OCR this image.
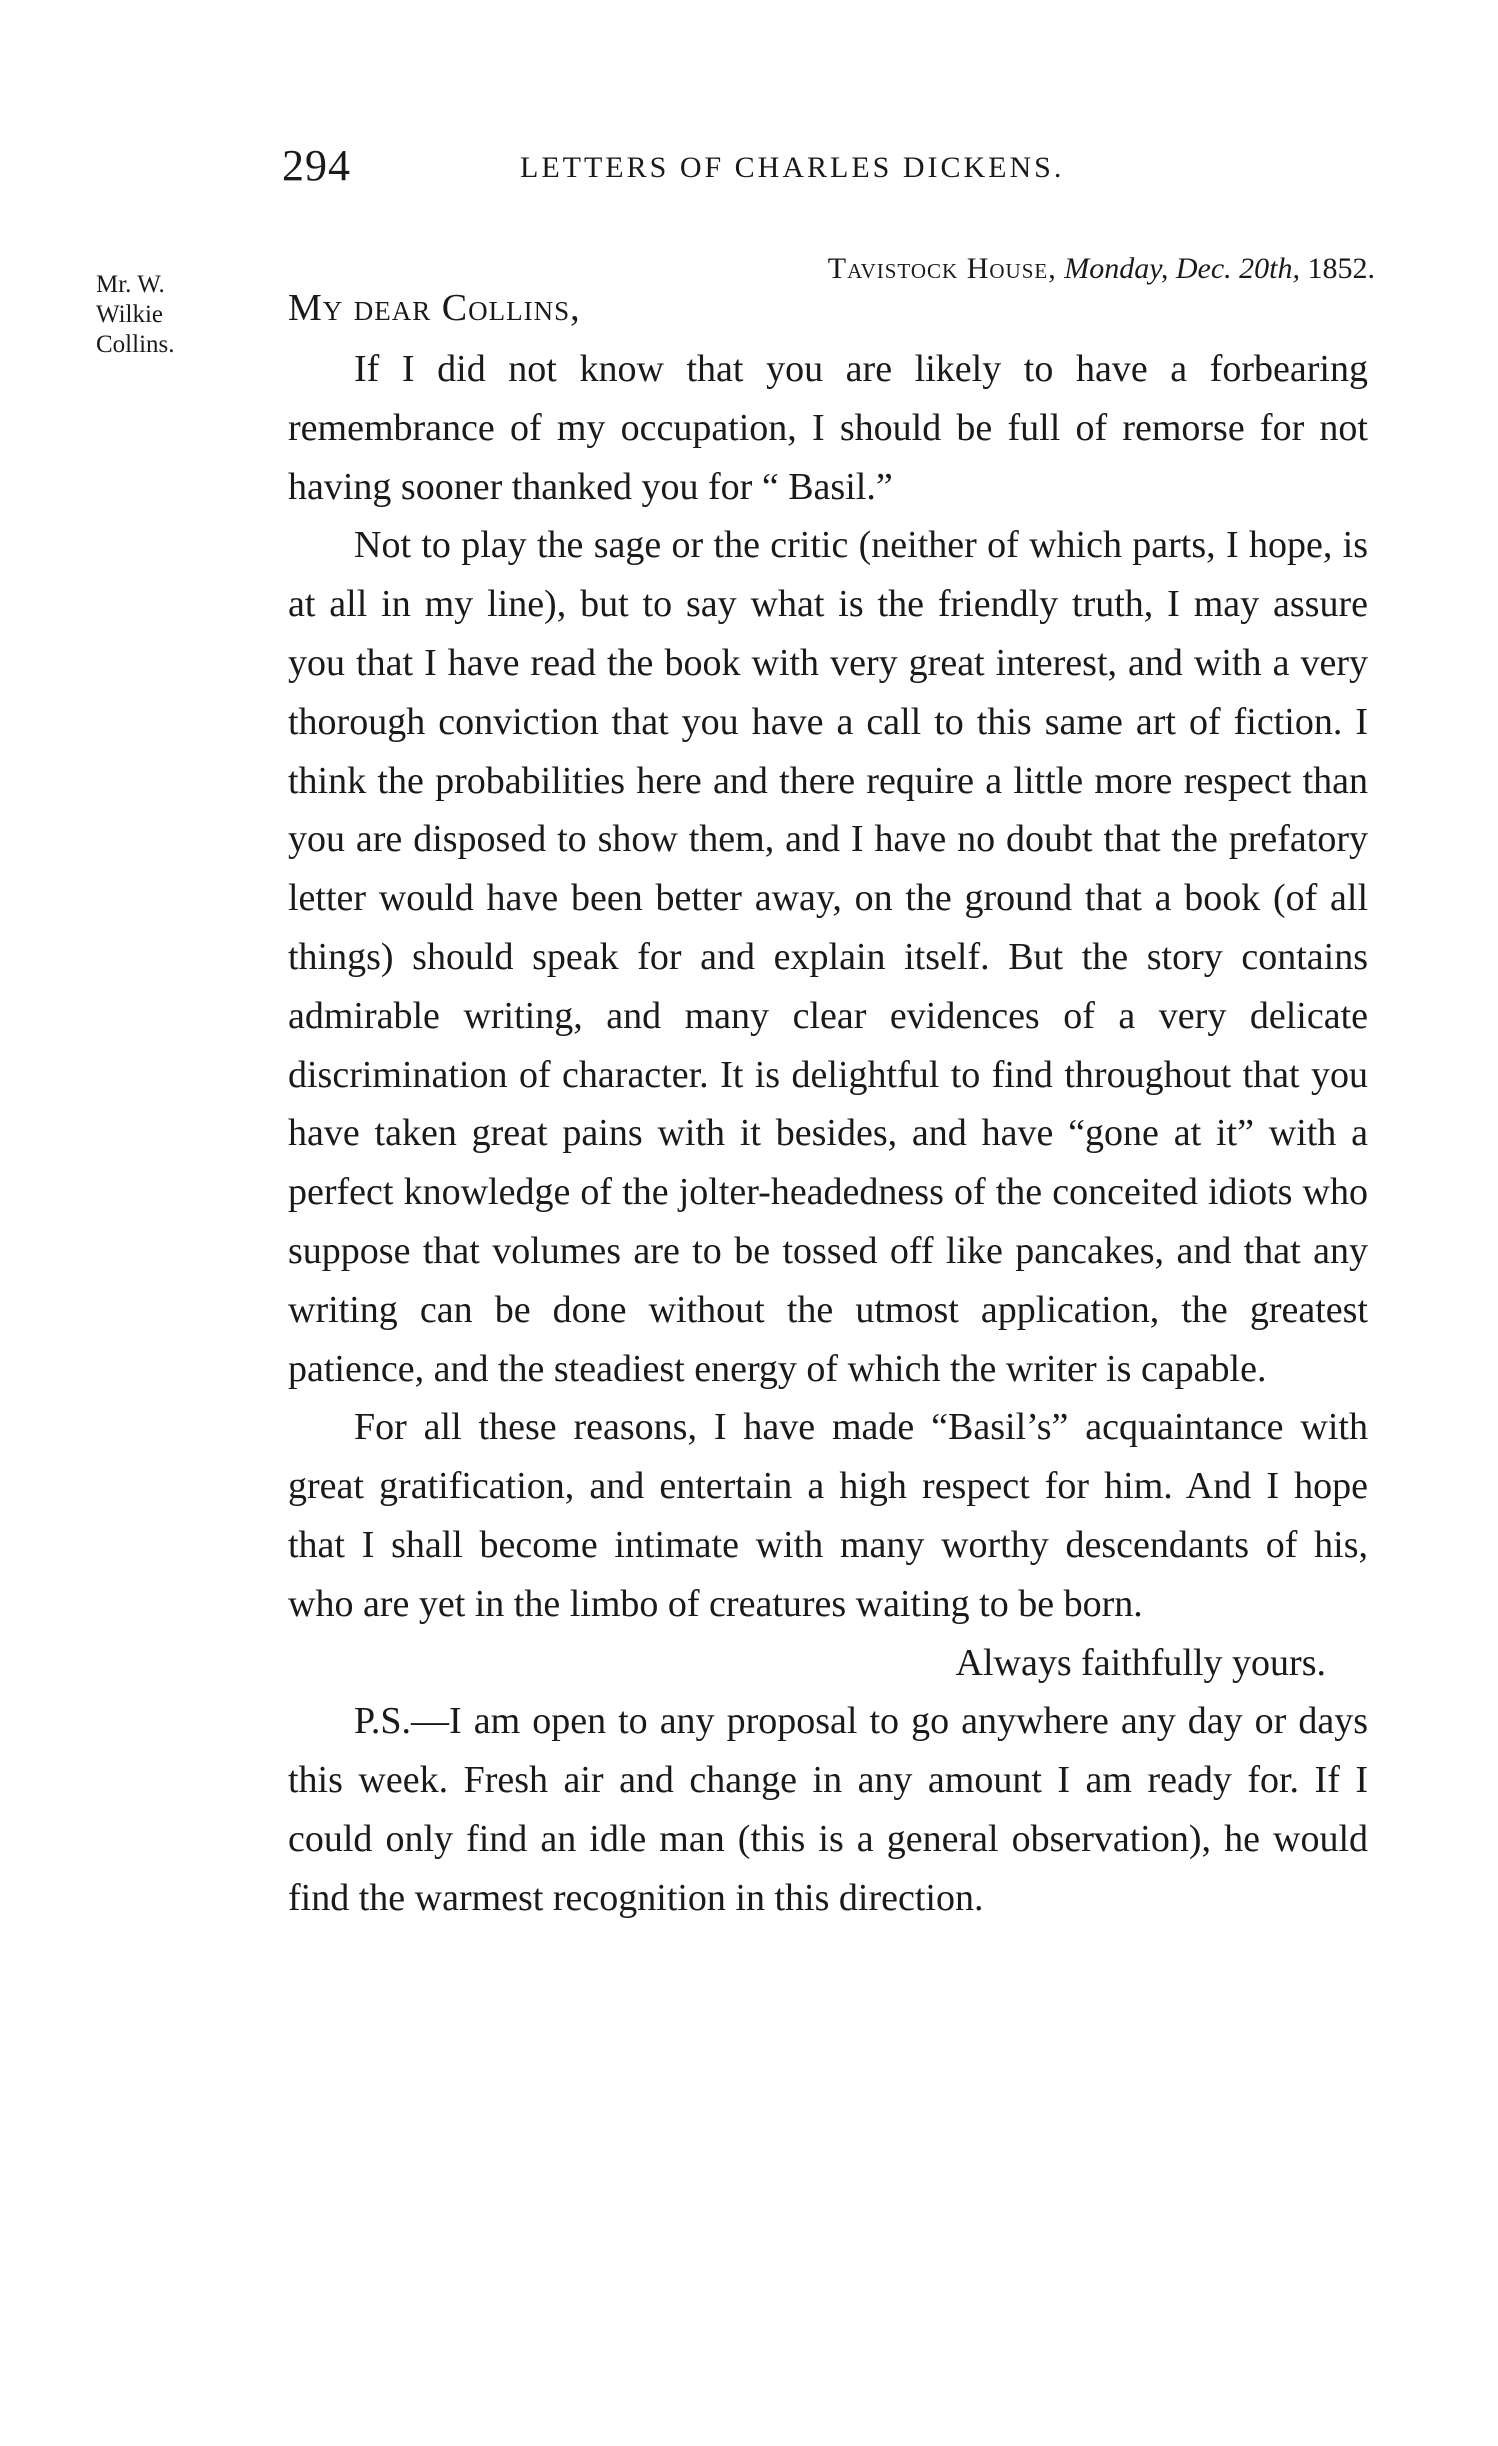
294	LETTERS OF CHARLES DICKENS.
Mr. W.
Wilkie
Collins.
Tavistock House, Monday, Dec. 20th, 1852.
My dear Collins,

If I did not know that you are likely to have a forbearing remembrance of my occupation, I should be full of remorse for not having sooner thanked you for “ Basil.”

Not to play the sage or the critic (neither of which parts, I hope, is at all in my line), but to say what is the friendly truth, I may assure you that I have read the book with very great interest, and with a very thorough conviction that you have a call to this same art of fiction. I think the probabilities here and there require a little more respect than you are disposed to show them, and I have no doubt that the prefatory letter would have been better away, on the ground that a book (of all things) should speak for and explain itself. But the story contains admirable writing, and many clear evidences of a very delicate discrimination of character. It is delightful to find throughout that you have taken great pains with it besides, and have “gone at it” with a perfect knowledge of the jolter-headedness of the conceited idiots who suppose that volumes are to be tossed off like pancakes, and that any writing can be done without the utmost application, the greatest patience, and the steadiest energy of which the writer is capable.

For all these reasons, I have made “Basil’s” acquaintance with great gratification, and entertain a high respect for him. And I hope that I shall become intimate with many worthy descendants of his, who are yet in the limbo of creatures waiting to be born.

Always faithfully yours.

P.S.—I am open to any proposal to go anywhere any day or days this week. Fresh air and change in any amount I am ready for. If I could only find an idle man (this is a general observation), he would find the warmest recognition in this direction.
